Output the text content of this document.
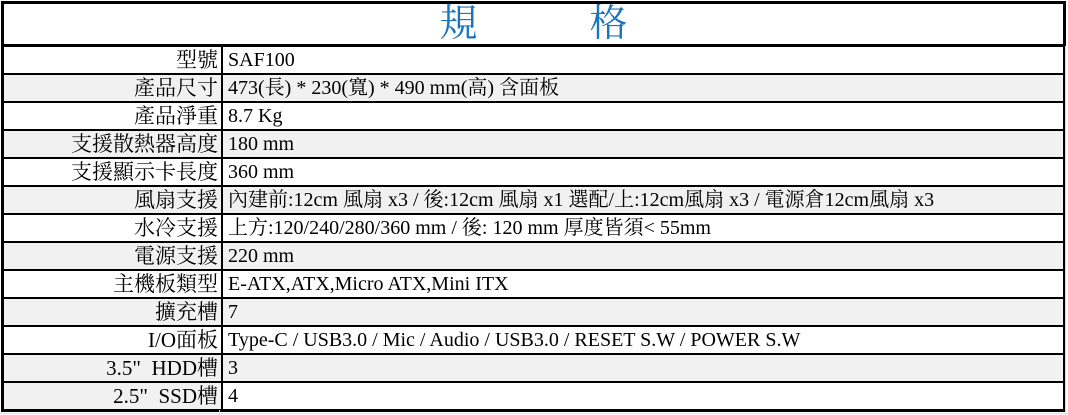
規格
型號 SAF100
產品尺寸 473(長) * 230(寬) * 490 mm(高) 含面板
產品淨重 8.7 Kg
支援散熱器高度 180 mm
支援顯示卡長度 360 mm
風扇支援 內建前:12cm 風扇 x3 / 後:12cm 風扇 x1 選配/上:12cm風扇 x3 / 電源倉12cm風扇 x3
水冷支援 上方:120/240/280/360 mm / 後: 120 mm 厚度皆須< 55mm
電源支援 220 mm
主機板類型 E-ATX,ATX,Micro ATX,Mini ITX
擴充槽 7
I/O面板 Type-C / USB3.0 / Mic / Audio / USB3.0 / RESET S.W / POWER S.W
3.5"  HDD槽 3
2.5"  SSD槽 4
